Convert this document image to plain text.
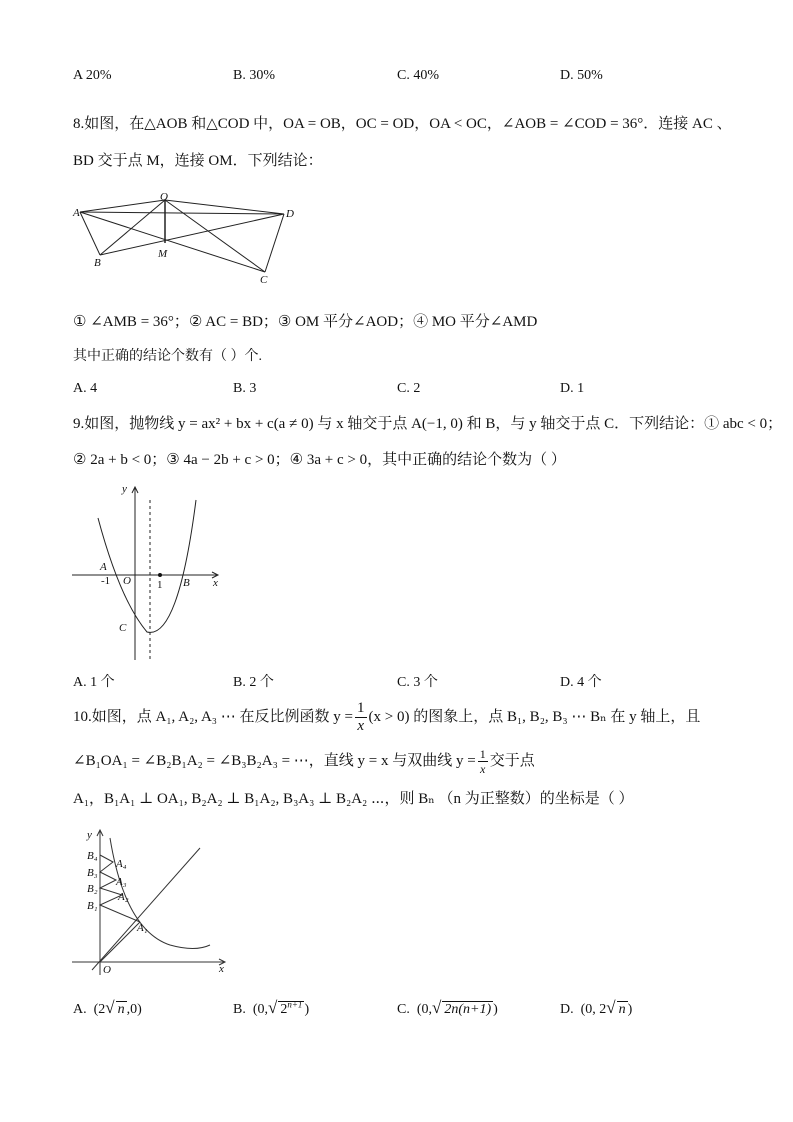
A 20%	B. 30%	C. 40%	D. 50%
8.如图，在△AOB 和△COD 中，OA = OB，OC = OD，OA < OC，∠AOB = ∠COD = 36°．连接 AC 、
BD 交于点 M，连接 OM．下列结论：
A
O
D
B
M
C
① ∠AMB = 36°；② AC = BD；③ OM 平分∠AOD；④ MO 平分∠AMD
其中正确的结论个数有（ ）个.
A. 4	B. 3	C. 2	D. 1
9.如图，抛物线 y = ax² + bx + c(a ≠ 0) 与 x 轴交于点 A(−1, 0) 和 B，与 y 轴交于点 C．下列结论：① abc < 0；
② 2a + b < 0；③ 4a − 2b + c > 0；④ 3a + c > 0，其中正确的结论个数为（ ）
y
x
A
-1 O 1 B
C
A. 1 个	B. 2 个	C. 3 个	D. 4 个
10.如图，点 A₁, A₂, A₃ ⋯ 在反比例函数 $y = \frac{1}{x} (x > 0)$ 的图象上，点 B₁, B₂, B₃ ⋯ Bₙ 在 y 轴上，且
∠B₁OA₁ = ∠B₂B₁A₂ = ∠B₃B₂A₃ = ⋯，直线 y = x 与双曲线 $y = \frac{1}{x}$ 交于点
A₁，B₁A₁ ⊥ OA₁, B₂A₂ ⊥ B₁A₂, B₃A₃ ⊥ B₂A₂ ⋯，则 Bₙ （n 为正整数）的坐标是（ ）
y
x
O
B₁
B₂
B₃
B₄
A₁
A₂
A₃
A₄
A. (2√ n ,0)	B. (0,√ $2^{n+1}$ )	C. (0,√ 2n(n+1) )	D. (0, 2√ n )
